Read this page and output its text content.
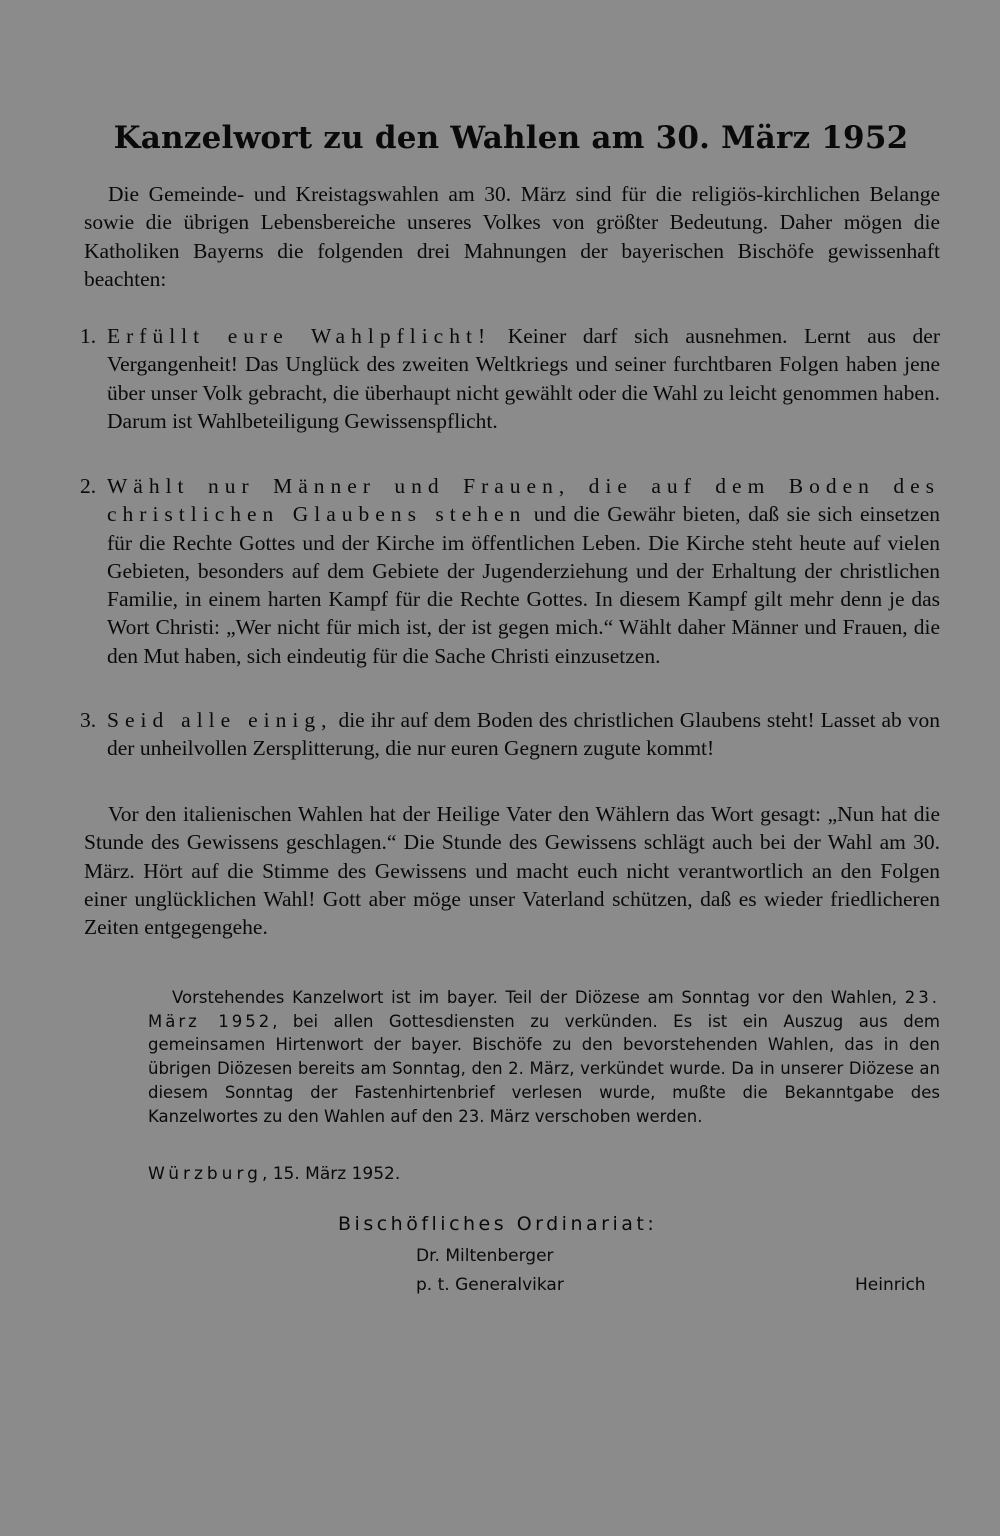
Kanzelwort zu den Wahlen am 30. März 1952
Die Gemeinde- und Kreistagswahlen am 30. März sind für die religiös-kirchlichen Belange sowie die übrigen Lebensbereiche unseres Volkes von größter Bedeutung. Daher mögen die Katholiken Bayerns die folgenden drei Mahnungen der bayerischen Bischöfe gewissenhaft beachten:
1. Erfüllt eure Wahlpflicht! Keiner darf sich ausnehmen. Lernt aus der Vergangenheit! Das Unglück des zweiten Weltkriegs und seiner furchtbaren Folgen haben jene über unser Volk gebracht, die überhaupt nicht gewählt oder die Wahl zu leicht genommen haben. Darum ist Wahlbeteiligung Gewissenspflicht.
2. Wählt nur Männer und Frauen, die auf dem Boden des christlichen Glaubens stehen und die Gewähr bieten, daß sie sich einsetzen für die Rechte Gottes und der Kirche im öffentlichen Leben. Die Kirche steht heute auf vielen Gebieten, besonders auf dem Gebiete der Jugenderziehung und der Erhaltung der christlichen Familie, in einem harten Kampf für die Rechte Gottes. In diesem Kampf gilt mehr denn je das Wort Christi: „Wer nicht für mich ist, der ist gegen mich.“ Wählt daher Männer und Frauen, die den Mut haben, sich eindeutig für die Sache Christi einzusetzen.
3. Seid alle einig, die ihr auf dem Boden des christlichen Glaubens steht! Lasset ab von der unheilvollen Zersplitterung, die nur euren Gegnern zugute kommt!
Vor den italienischen Wahlen hat der Heilige Vater den Wählern das Wort gesagt: „Nun hat die Stunde des Gewissens geschlagen.“ Die Stunde des Gewissens schlägt auch bei der Wahl am 30. März. Hört auf die Stimme des Gewissens und macht euch nicht verantwortlich an den Folgen einer unglücklichen Wahl! Gott aber möge unser Vaterland schützen, daß es wieder friedlicheren Zeiten entgegengehe.
Vorstehendes Kanzelwort ist im bayer. Teil der Diözese am Sonntag vor den Wahlen, 23. März 1952, bei allen Gottesdiensten zu verkünden. Es ist ein Auszug aus dem gemeinsamen Hirtenwort der bayer. Bischöfe zu den bevorstehenden Wahlen, das in den übrigen Diözesen bereits am Sonntag, den 2. März, verkündet wurde. Da in unserer Diözese an diesem Sonntag der Fastenhirtenbrief verlesen wurde, mußte die Bekanntgabe des Kanzelwortes zu den Wahlen auf den 23. März verschoben werden.
Würzburg, 15. März 1952.
Bischöfliches Ordinariat:
Dr. Miltenberger
p. t. Generalvikar	Heinrich
